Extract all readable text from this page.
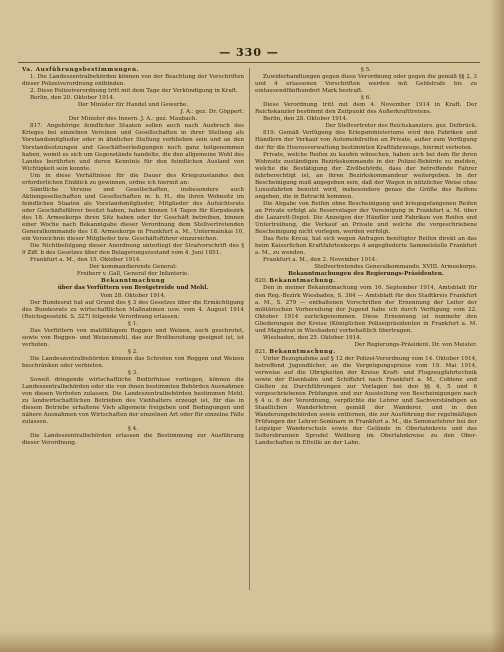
— 330 —

Va. Ausführungsbestimmungen.

1. Die Landeszentralbehörden können von der Beachtung der Vorschriften dieser Polizeiverordnung entbinden.

2. Diese Polizeiverordnung tritt mit dem Tage der Verkündigung in Kraft.

Berlin, den 20. Oktober 1914.

Der Minister für Handel und Gewerbe.

J. A.: gez. Dr. Göppert.

Der Minister des Innern. J. A.: gez. Maubach.

817. Angehörige feindlicher Staaten sollen auch nach Ausbruch des Krieges bei einzelnen Vereinen und Gesellschaften in ihrer Stellung als Vorstandsmitglieder oder in ähnlicher Stellung verblieben sein und an den Vorstandssitzungen und Geschäftserledigungen noch ganz teilgenommen haben, womit es sich um Gegenstände handelte, die den allgemeine Wohl des Landes berührten und deren Kenntnis für den feindlichen Ausland von Wichtigkeit sein konnte.

Um in diese Verhältnisse für die Dauer des Kriegszustandes den erforderlichen Einblick zu gewinnen, ordne ich hiermit an:

Sämtliche Vereine und Gesellschaften, insbesondere auch Aktiengesellschaften und Gesellschaften m. b. H., die ihren Wohnsitz im feindlichen Staaten als Vorstandsmitglieder, Mitglieder des Aufsichtsrats oder Geschäftsführer besitzt haben, haben binnen 14 Tagen für Korpsbezirk des 18. Armeekorps ihren Sitz haben oder ihr Geschäft betreiben, binnen einer Woche nach Bekanntgabe dieser Verordnung dem Stellvertretenden Generalkommando des 18. Armeekorps in Frankfurt a. M., Untermainkai 10, ein Verzeichnis dieser Mitglieder bzw. Geschäftsführer einzureichen.

Die Nichtbefolgung dieser Anordnung unterliegt der Strafvorschrift des § 9 Ziff. b des Gesetzes über den Belagerungszustand vom 4. Juni 1851.

Frankfurt a. M., den 15. Oktober 1914.

Der kommandierende General:

Freiherr v. Gall, General der Infanterie.

Bekanntmachung

über das Verfüttern von Brotgetreide und Mehl.

Vom 28. Oktober 1914.

Der Bundesrat hat auf Grund des § 3 des Gesetzes über die Ermächtigung des Bundesrats zu wirtschaftlichen Maßnahmen usw. vom 4. August 1914 (Reichsgesetzbl. S. 327) folgende Verordnung erlassen:

§ 1.

Das Verfüttern von mahlfähigem Roggen und Weizen, auch geschrotet, sowie von Roggen- und Weizenmehl, das zur Brotbereitung geeignet ist, ist verboten.

§ 2.

Die Landeszentralbehörden können das Schroten von Roggen und Weizen beschränken oder verbieten.

§ 3.

Soweit dringende wirtschaftliche Bedürfnisse vorliegen, können die Landeszentralbehörden oder die von ihnen bestimmten Behörden Ausnahmen von diesen Verboten zulassen. Die Landeszentralbehörden bestimmen Mehl, zu landwirtschaftlichen Betrieben des Viehhalters erzeugt ist, für das in diesem Betriebe erhaltene Vieh allgemein freigeben und Bedingungen und nähere Ausnahmen von Wirtschaften der einzelnen Art oder für einzelne Fälle zulassen.

§ 4.

Die Landeszentralbehörden erlassen die Bestimmung zur Ausführung dieser Verordnung.

§ 5.

Zuwiderhandlungen gegen diese Verordnung oder gegen die gemäß §§ 2, 3 und 4 erlassenen Vorschriften werden mit Geldstrafe bis zu eintausendfünfhundert Mark bestraft.

§ 6.

Diese Verordnung tritt mit dem 4. November 1914 in Kraft. Der Reichskanzler bestimmt den Zeitpunkt des Außerkrafttretens.

Berlin, den 28. Oktober 1914.

Der Stellvertreter des Reichskanzlers. gez. Delbrück.

819. Gemäß Verfügung des Kriegsministeriums wird den Fabriken und Händlern der Verkauf von Automobilreifen an Private, außer zum Verfügung der für die Heeresverwaltung bestimmten Kraftfahrzeuge, hiermit verboten.

Private, welche Reifen zu kaufen wünschen, haben sich bei dem für ihren Wohnsitz zuständigen Bezirkskommando in der Polizei-Behörde zu melden, welche die Bestätigung der Zivilbehörde, dass der betreffende Fahrer fahrberechtigt ist, an ihren Bezirkskommandeur weitergeben. In der Bescheinigung muß angegeben sein, daß der Wagen in nützlicher Weise ohne Luxusfahrten benutzt wird, insbesondere genau die Größe des Reifens angeben, die in Betracht kommen.

Die Abgabe von Reifen ohne Bescheinigung und kriegsgefangenen Reifen an Private erfolgt als Reservelager der Vereinigung in Frankfurt a. M. über die Lazarett-Depot. Die Anzeigen der Händler und Fabriken von Reifen und Untertreibung, die Verkauf an Private und welche die vorgeschriebene Bescheinigung nicht vorlegen, werden verfolgt.

Das Rote Kreuz, hat sich wegen Anfragen benötigter Reifen direkt an das beim Kaiserlichen Kraftfahrtenkorps 4 angegliederte Sammelstelle Frankfurt a. M., zu wenden.

Frankfurt a. M., den 2. November 1914.

Stellvertretendes Generalkommando. XVIII. Armeekorps.

Bekanntmachungen des Regierungs-Präsidenten.

820. Bekanntmachung.

Den in meiner Bekanntmachung vom 16. September 1914, Amtsblatt für den Reg.-Bezirk Wiesbaden, S. 364 — Amtsblatt für den Stadtkreis Frankfurt a. M., S. 279 — enthaltenen Vorschriften der Ernennung der Leiter der militärischen Vorbereitung der Jugend habe ich durch Verfügung vom 22. Oktober 1914 zurückgenommen. Diese Ernennung ist nunmehr den Gliederungen der Kreise (Königlichen Polizeipräsidenten in Frankfurt a. M. und Magistrat in Wiesbaden) vorbehaltlich übertragen.

Wiesbaden, den 25. Oktober 1914.

Der Regierungs-Präsident. Dr. von Meister.

821. Bekanntmachung.

Unter Bezugnahme auf § 12 der Polizei-Verordnung vom 14. Oktober 1914, betreffend Jugendlicher, an die Vergnügungspreise vom 19. Mai 1914, verweise auf die Obrigkeiten der Kreise Kraft- und Flugzeugfahrtechnik sowie der Eisenbahn und Schiffahrt nach Frankfurt a. M., Coblenz und Gießen zu Durchführungen zur Vorlagen bei den §§ 4, 5 und 6 vorgeschriebenen Prüfungen und zur Ausstellung von Bescheinigungen nach § 4 u. 6 der Verordnung, verpflichte die Lehrer und Sachverständigen an Staatlichen Wanderlehren gemäß der Wanderer, und in den Wanderungsbehörden sowie entfernen, die zur Ausführung der regelmäßigen Prüfungen der Lehrer-Seminare in Frankfurt a. M., die Seminarlehrer bei der Leipziger Wanderschule sowie der Gelände in Oberlahnkreis und das Seltersbrunnen Sprudel Weilburg im Oberlahnkreise zu den Ober-Landschaften in Eltville an der Lahn.
